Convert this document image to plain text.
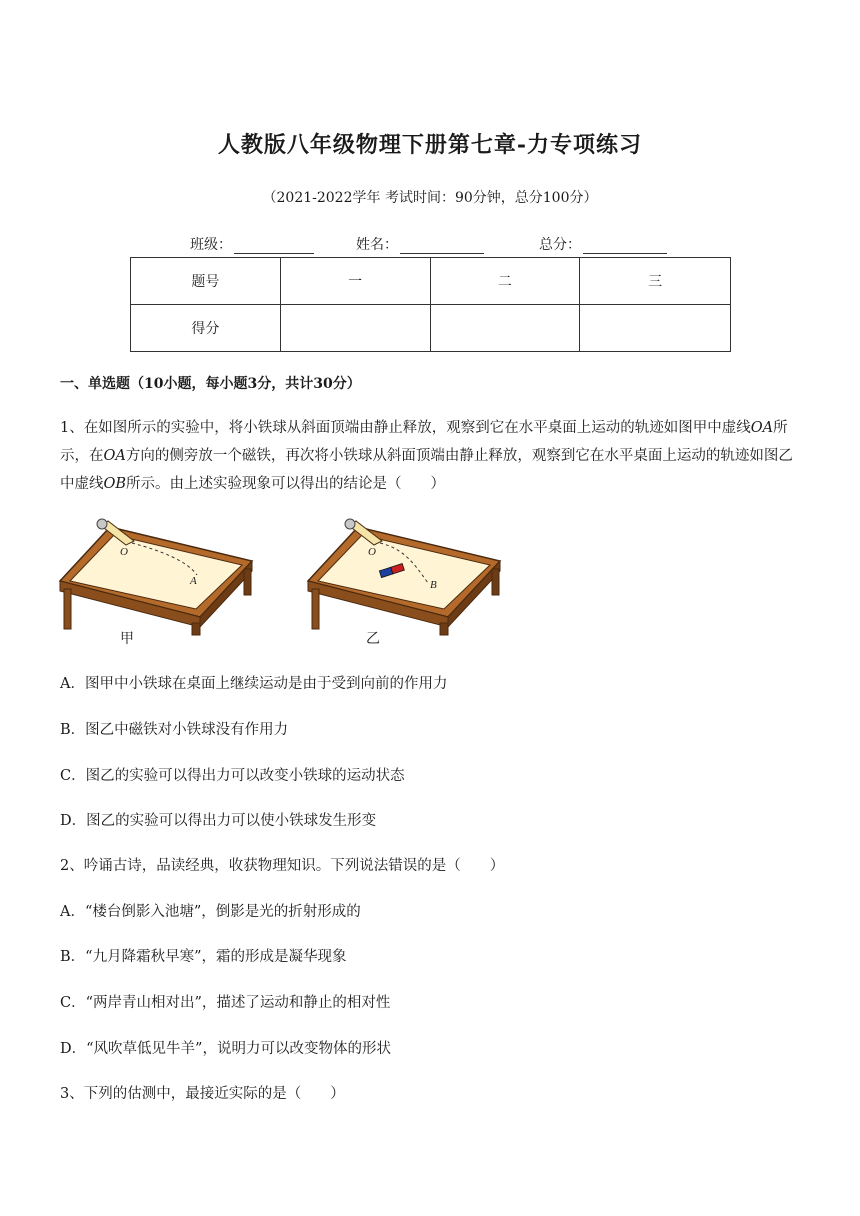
人教版八年级物理下册第七章-力专项练习
（2021-2022学年 考试时间：90分钟，总分100分）
班级：	姓名：	总分：
题号	一	二	三
得分			
一、单选题（10小题，每小题3分，共计30分）
1、在如图所示的实验中，将小铁球从斜面顶端由静止释放，观察到它在水平桌面上运动的轨迹如图甲中虚线OA所示，在OA方向的侧旁放一个磁铁，再次将小铁球从斜面顶端由静止释放，观察到它在水平桌面上运动的轨迹如图乙中虚线OB所示。由上述实验现象可以得出的结论是（　　）
O
A
甲
O
B
乙
A．图甲中小铁球在桌面上继续运动是由于受到向前的作用力
B．图乙中磁铁对小铁球没有作用力
C．图乙的实验可以得出力可以改变小铁球的运动状态
D．图乙的实验可以得出力可以使小铁球发生形变
2、吟诵古诗，品读经典，收获物理知识。下列说法错误的是（　　）
A．“楼台倒影入池塘”，倒影是光的折射形成的
B．“九月降霜秋早寒”，霜的形成是凝华现象
C．“两岸青山相对出”，描述了运动和静止的相对性
D．“风吹草低见牛羊”，说明力可以改变物体的形状
3、下列的估测中，最接近实际的是（　　）
